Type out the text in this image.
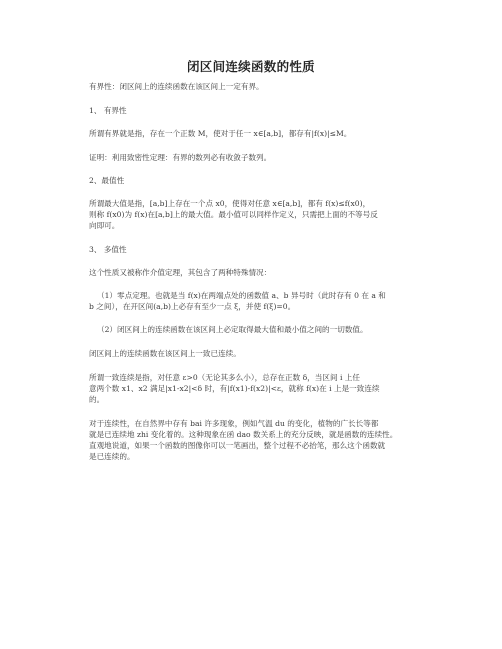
闭区间连续函数的性质
有界性：闭区间上的连续函数在该区间上一定有界。
1、 有界性
所谓有界就是指，存在一个正数 M，使对于任一 x∈[a,b]，都存有|f(x)|≤M。
证明：利用致密性定理：有界的数列必有收敛子数列。
2、最值性
所谓最大值是指，[a,b]上存在一个点 x0，使得对任意 x∈[a,b]，都有 f(x)≤f(x0)，
则称 f(x0)为 f(x)在[a,b]上的最大值。最小值可以同样作定义，只需把上面的不等号反
向即可。
3、 多值性
这个性质又被称作介值定理，其包含了两种特殊情况：
（1）零点定理。也就是当 f(x)在两端点处的函数值 a、b 异号时（此时存有 0 在 a 和
b 之间），在开区间(a,b)上必存有至少一点 ξ，并使 f(ξ)=0。
（2）闭区间上的连续函数在该区间上必定取得最大值和最小值之间的一切数值。
闭区间上的连续函数在该区间上一致已连续。
所谓一致连续是指，对任意 ε>0（无论其多么小），总存在正数 δ，当区间 i 上任
意两个数 x1、x2 满足|x1-x2|<δ 时，有|f(x1)-f(x2)|<ε，就称 f(x)在 i 上是一致连续
的。
对于连续性，在自然界中存有 bai 许多现象，例如气温 du 的变化，植物的广长长等都
就是已连续地 zhi 变化着的。这种现象在函 dao 数关系上的充分反映，就是函数的连续性。
直观地说道，如果一个函数的图像你可以一笔画出，整个过程不必抬笔，那么这个函数就
是已连续的。
